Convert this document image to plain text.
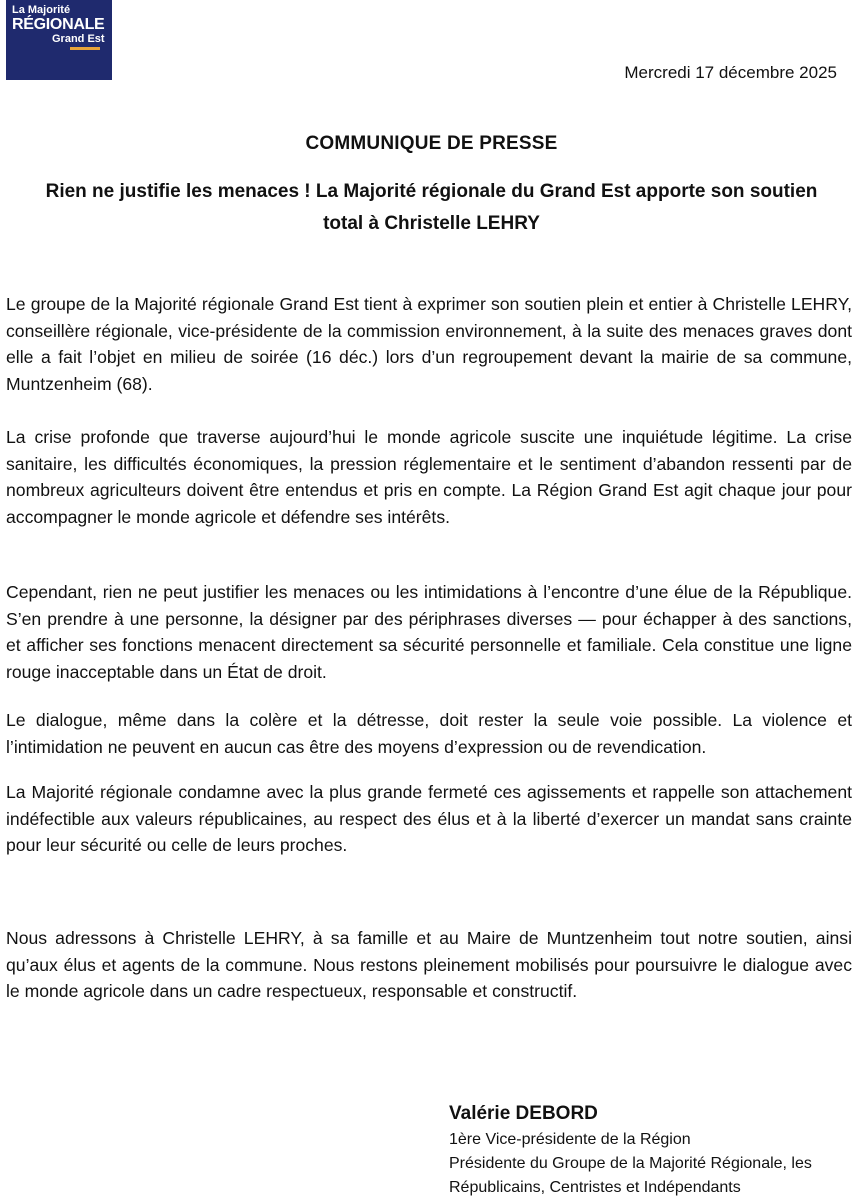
La Majorité
RÉGIONALE
Grand Est
Mercredi 17 décembre 2025
COMMUNIQUE DE PRESSE
Rien ne justifie les menaces ! La Majorité régionale du Grand Est apporte son soutien total à Christelle LEHRY
Le groupe de la Majorité régionale Grand Est tient à exprimer son soutien plein et entier à Christelle LEHRY, conseillère régionale, vice-présidente de la commission environnement, à la suite des menaces graves dont elle a fait l’objet en milieu de soirée (16 déc.) lors d’un regroupement devant la mairie de sa commune, Muntzenheim (68).
La crise profonde que traverse aujourd’hui le monde agricole suscite une inquiétude légitime. La crise sanitaire, les difficultés économiques, la pression réglementaire et le sentiment d’abandon ressenti par de nombreux agriculteurs doivent être entendus et pris en compte. La Région Grand Est agit chaque jour pour accompagner le monde agricole et défendre ses intérêts.
Cependant, rien ne peut justifier les menaces ou les intimidations à l’encontre d’une élue de la République. S’en prendre à une personne, la désigner par des périphrases diverses — pour échapper à des sanctions, et afficher ses fonctions menacent directement sa sécurité personnelle et familiale. Cela constitue une ligne rouge inacceptable dans un État de droit.
Le dialogue, même dans la colère et la détresse, doit rester la seule voie possible. La violence et l’intimidation ne peuvent en aucun cas être des moyens d’expression ou de revendication.
La Majorité régionale condamne avec la plus grande fermeté ces agissements et rappelle son attachement indéfectible aux valeurs républicaines, au respect des élus et à la liberté d’exercer un mandat sans crainte pour leur sécurité ou celle de leurs proches.
Nous adressons à Christelle LEHRY, à sa famille et au Maire de Muntzenheim tout notre soutien, ainsi qu’aux élus et agents de la commune. Nous restons pleinement mobilisés pour poursuivre le dialogue avec le monde agricole dans un cadre respectueux, responsable et constructif.
Valérie DEBORD
1ère Vice-présidente de la Région
Présidente du Groupe de la Majorité Régionale, les
Républicains, Centristes et Indépendants
